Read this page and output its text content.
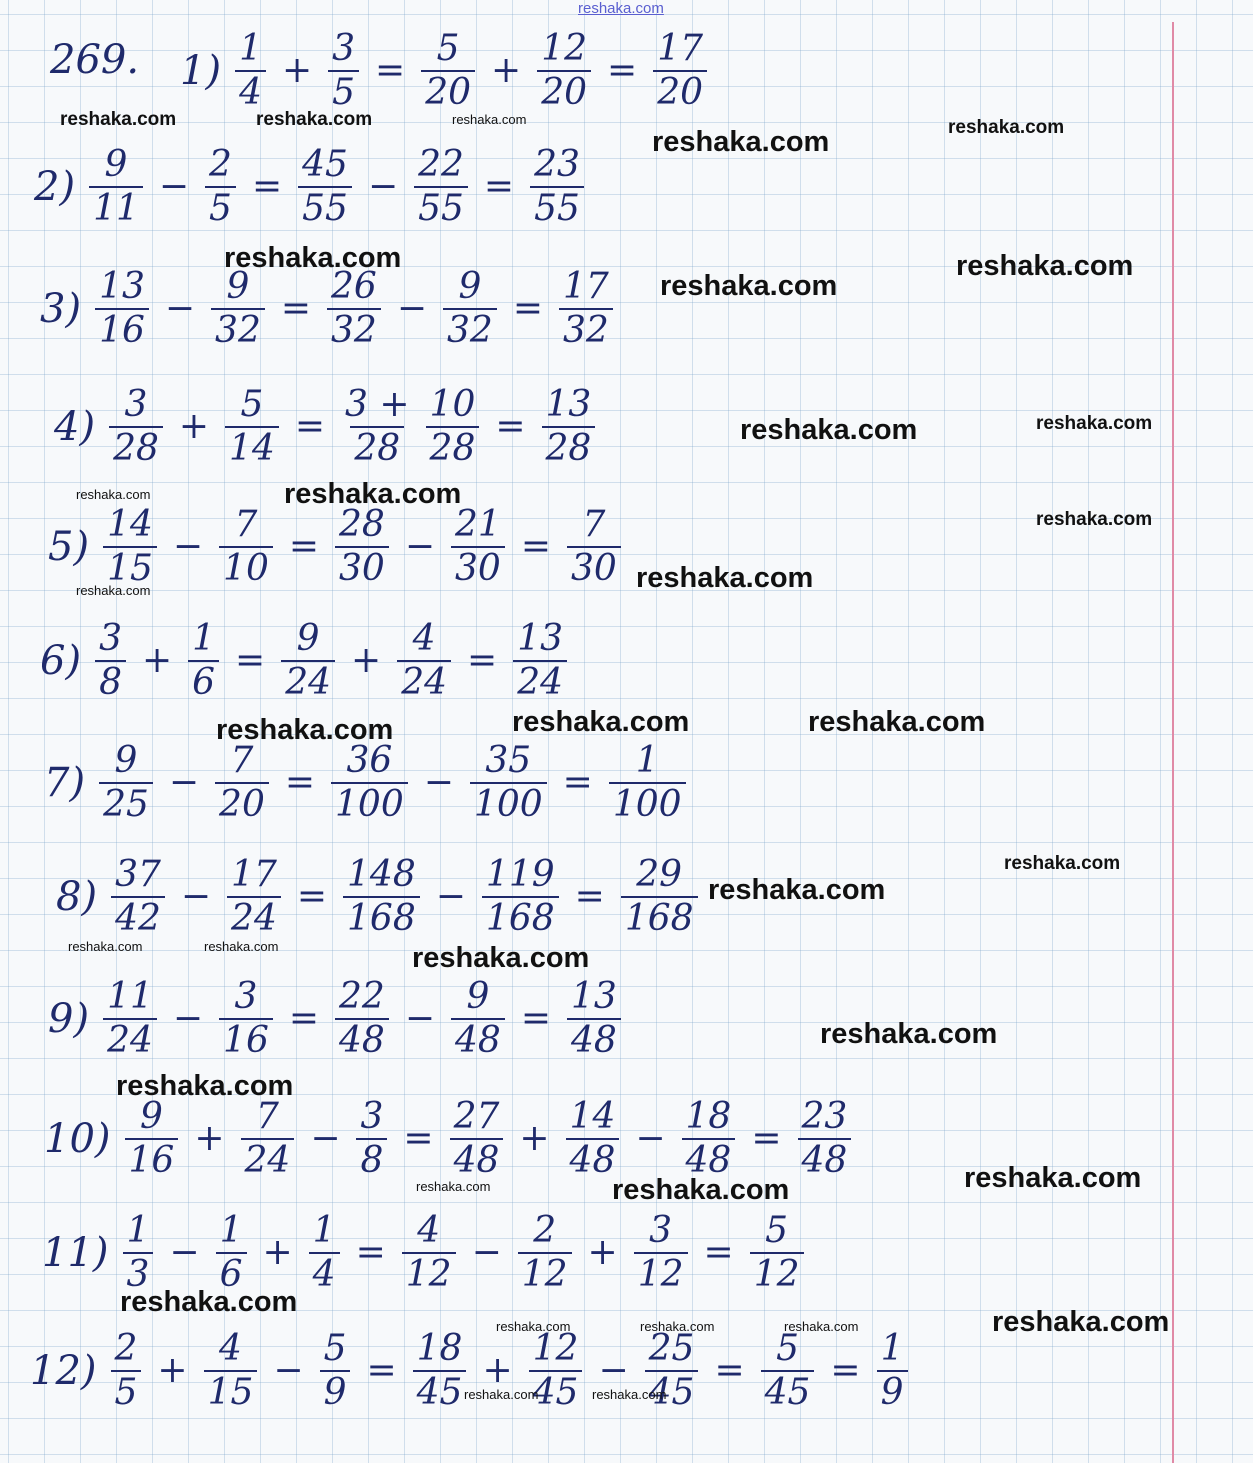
reshaka.com
269. $1) \frac{1}{4} + \frac{3}{5} = \frac{5}{20} + \frac{12}{20} = \frac{17}{20}$
$2) \frac{9}{11} - \frac{2}{5} = \frac{45}{55} - \frac{22}{55} = \frac{23}{55}$
$3) \frac{13}{16} - \frac{9}{32} = \frac{26}{32} - \frac{9}{32} = \frac{17}{32}$
$4) \frac{3}{28} + \frac{5}{14} = \frac{3 +}{28} \frac{10}{28} = \frac{13}{28}$
$5) \frac{14}{15} - \frac{7}{10} = \frac{28}{30} - \frac{21}{30} = \frac{7}{30}$
$6) \frac{3}{8} + \frac{1}{6} = \frac{9}{24} + \frac{4}{24} = \frac{13}{24}$
$7) \frac{9}{25} - \frac{7}{20} = \frac{36}{100} - \frac{35}{100} = \frac{1}{100}$
$8) \frac{37}{42} - \frac{17}{24} = \frac{148}{168} - \frac{119}{168} = \frac{29}{168}$
$9) \frac{11}{24} - \frac{3}{16} = \frac{22}{48} - \frac{9}{48} = \frac{13}{48}$
$10) \frac{9}{16} + \frac{7}{24} - \frac{3}{8} = \frac{27}{48} + \frac{14}{48} - \frac{18}{48} = \frac{23}{48}$
$11) \frac{1}{3} - \frac{1}{6} + \frac{1}{4} = \frac{4}{12} - \frac{2}{12} + \frac{3}{12} = \frac{5}{12}$
$12) \frac{2}{5} + \frac{4}{15} - \frac{5}{9} = \frac{18}{45} + \frac{12}{45} - \frac{25}{45} = \frac{5}{45} = \frac{1}{9}$
reshaka.com	reshaka.com	reshaka.com
reshaka.com	reshaka.com
reshaka.com	reshaka.com
reshaka.com
reshaka.com	reshaka.com
reshaka.com	reshaka.com
reshaka.com
reshaka.com
reshaka.com
reshaka.com	reshaka.com
reshaka.com
reshaka.com
reshaka.com
reshaka.com	reshaka.com	reshaka.com
reshaka.com
reshaka.com
reshaka.com
reshaka.com	reshaka.com
reshaka.com
reshaka.com	reshaka.com	reshaka.com	reshaka.com
reshaka.com	reshaka.com
